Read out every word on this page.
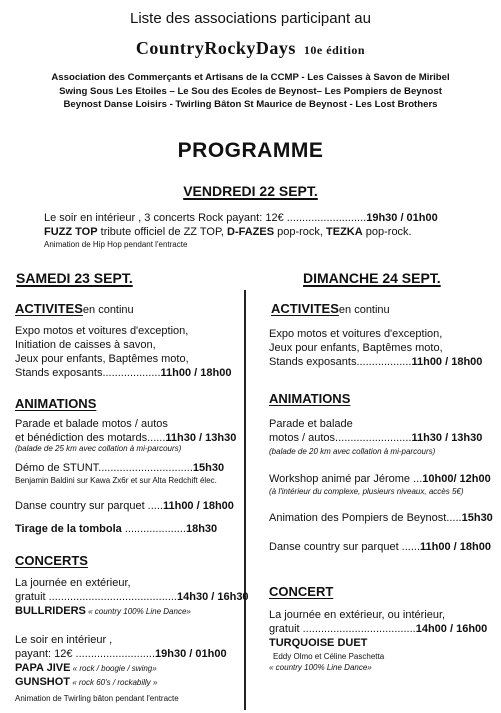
Liste des associations participant au
CountryRockyDays 10e édition
Association des Commerçants et Artisans de la CCMP - Les Caisses à Savon de Miribel
Swing Sous Les Etoiles – Le Sou des Ecoles de Beynost– Les Pompiers de Beynost
Beynost Danse Loisirs - Twirling Bâton St Maurice de Beynost - Les Lost Brothers
PROGRAMME
VENDREDI 22 SEPT.
Le soir en intérieur , 3 concerts Rock payant: 12€ ..........................19h30 / 01h00
FUZZ TOP tribute officiel de ZZ TOP, D-FAZES pop-rock, TEZKA pop-rock.
Animation de Hip Hop pendant l'entracte
SAMEDI 23 SEPT.
ACTIVITESen continu
Expo motos et voitures d'exception,
Initiation de caisses à savon,
Jeux pour enfants, Baptêmes moto,
Stands exposants...................11h00 / 18h00
ANIMATIONS
Parade et balade motos / autos
et bénédiction des motards......11h30 / 13h30
(balade de 25 km avec collation à mi-parcours)
Démo de STUNT...............................15h30
Benjamin Baldini sur Kawa Zx6r et sur Alta Redchift élec.
Danse country sur parquet .....11h00 / 18h00
Tirage de la tombola ....................18h30
CONCERTS
La journée en extérieur,
gratuit ..........................................14h30 / 16h30
BULLRIDERS « country 100% Line Dance»
Le soir en intérieur ,
payant: 12€ ..........................19h30 / 01h00
PAPA JIVE « rock / boogie / swing»
GUNSHOT « rock 60's / rockabilly »
Animation de Twirling bâton pendant l'entracte
DIMANCHE 24 SEPT.
ACTIVITESen continu
Expo motos et voitures d'exception,
Jeux pour enfants, Baptêmes moto,
Stands exposants..................11h00 / 18h00
ANIMATIONS
Parade et balade
motos / autos.........................11h30 / 13h30
(balade de 20 km avec collation à mi-parcours)
Workshop animé par Jérome ...10h00/ 12h00
(à l'intérieur du complexe, plusieurs niveaux, accès 5€)
Animation des Pompiers de Beynost.....15h30
Danse country sur parquet ......11h00 / 18h00
CONCERT
La journée en extérieur, ou intérieur,
gratuit .....................................14h00 / 16h00
TURQUOISE DUET
Eddy Olmo et Céline Paschetta
« country 100% Line Dance»
